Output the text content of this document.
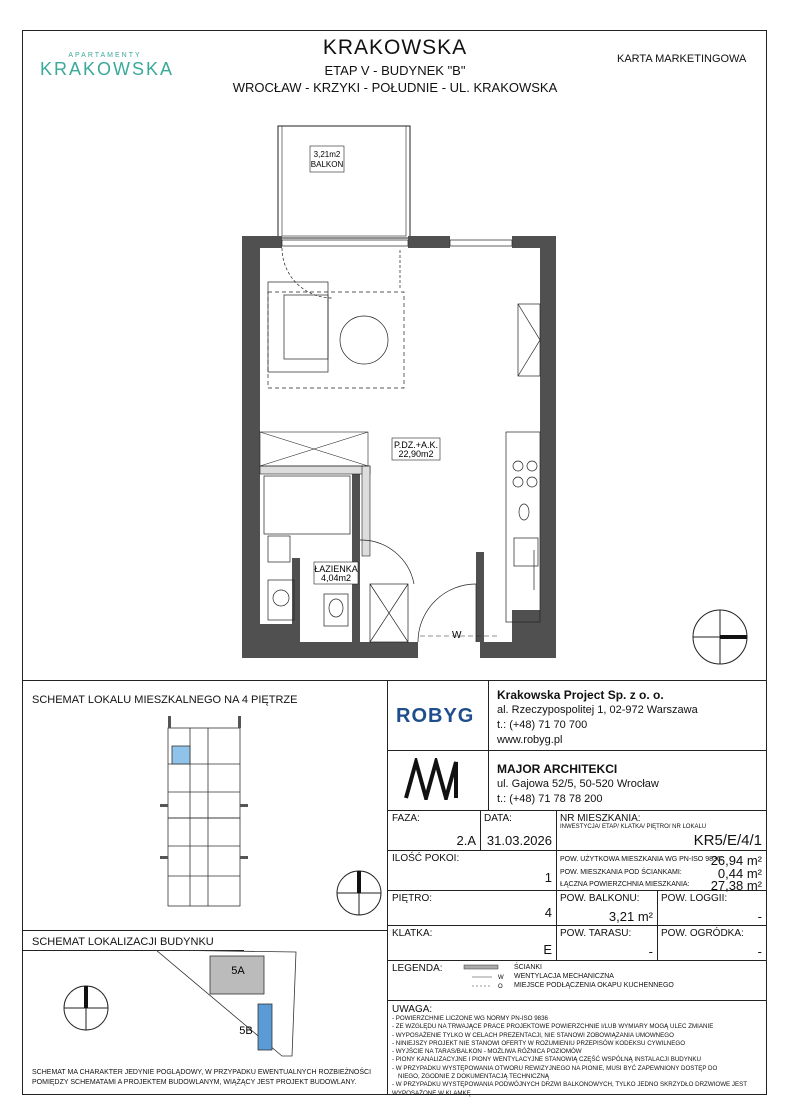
APARTAMENTY
KRAKOWSKA
KRAKOWSKA
ETAP V - BUDYNEK "B"
WROCŁAW - KRZYKI - POŁUDNIE - UL. KRAKOWSKA
KARTA MARKETINGOWA
3,21m2
BALKON
P.DZ.+A.K.
22,90m2
ŁAZIENKA
4,04m2
W
SCHEMAT LOKALU MIESZKALNEGO NA 4 PIĘTRZE
SCHEMAT LOKALIZACJI BUDYNKU
5A
5B
SCHEMAT MA CHARAKTER JEDYNIE POGLĄDOWY, W PRZYPADKU EWENTUALNYCH ROZBIEŻNOŚCI
POMIĘDZY SCHEMATAMI A PROJEKTEM BUDOWLANYM, WIĄŻĄCY JEST PROJEKT BUDOWLANY.
ROBYG
Krakowska Project Sp. z o. o.
al. Rzeczypospolitej 1, 02-972 Warszawa
t.: (+48) 71 70 700
www.robyg.pl
MAJOR ARCHITEKCI
ul. Gajowa 52/5, 50-520 Wrocław
t.: (+48) 71 78 78 200
FAZA:
2.A
DATA:
31.03.2026
NR MIESZKANIA:
INWESTYCJA/ ETAP/ KLATKA/ PIĘTRO/ NR LOKALU
KR5/E/4/1
ILOŚĆ POKOI:
1
POW. UŻYTKOWA MIESZKANIA WG PN-ISO 9836:
26,94 m²
POW. MIESZKANIA POD ŚCIANKAMI:	0,44 m²
ŁĄCZNA POWIERZCHNIA MIESZKANIA:	27,38 m²
PIĘTRO:
4
POW. BALKONU:
3,21 m²
POW. LOGGII:
-
KLATKA:
E
POW. TARASU:
-
POW. OGRÓDKA:
-
LEGENDA:
W
O
ŚCIANKI
WENTYLACJA MECHANICZNA
MIEJSCE PODŁĄCZENIA OKAPU KUCHENNEGO
UWAGA:
- POWIERZCHNIE LICZONE WG NORMY PN-ISO 9836
- ZE WZGLĘDU NA TRWAJĄCE PRACE PROJEKTOWE POWIERZCHNIE I/LUB WYMIARY MOGĄ ULEC ZMIANIE
- WYPOSAŻENIE TYLKO W CELACH PREZENTACJI, NIE STANOWI ZOBOWIĄZANIA UMOWNEGO
- NINIEJSZY PROJEKT NIE STANOWI OFERTY W ROZUMIENIU PRZEPISÓW KODEKSU CYWILNEGO
- WYJŚCIE NA TARAS/BALKON - MOŻLIWA RÓŻNICA POZIOMÓW
- PIONY KANALIZACYJNE I PIONY WENTYLACYJNE STANOWIĄ CZĘŚĆ WSPÓLNĄ INSTALACJI BUDYNKU
- W PRZYPADKU WYSTĘPOWANIA OTWORU REWIZYJNEGO NA PIONIE, MUSI BYĆ ZAPEWNIONY DOSTĘP DO
NIEGO, ZGODNIE Z DOKUMENTACJĄ TECHNICZNĄ
- W PRZYPADKU WYSTĘPOWANIA PODWÓJNYCH DRZWI BALKONOWYCH, TYLKO JEDNO SKRZYDŁO DRZWIOWE JEST
WYPOSAŻONE W KLAMKĘ
